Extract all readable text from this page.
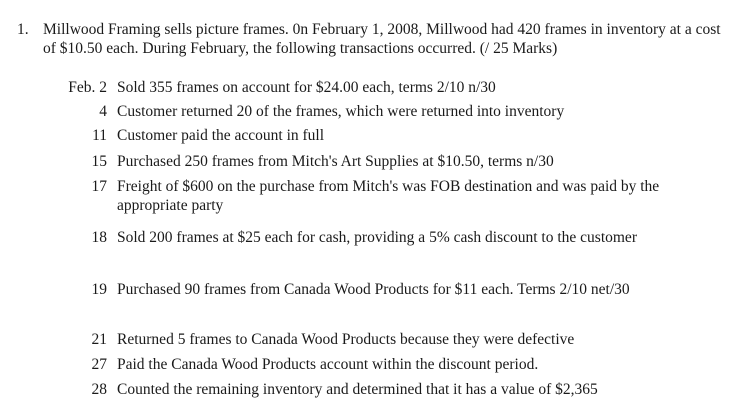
1. Millwood Framing sells picture frames. 0n February 1, 2008, Millwood had 420 frames in inventory at a cost of $10.50 each. During February, the following transactions occurred. (/ 25 Marks)

Feb. 2 Sold 355 frames on account for $24.00 each, terms 2/10 n/30

4 Customer returned 20 of the frames, which were returned into inventory

11 Customer paid the account in full

15 Purchased 250 frames from Mitch's Art Supplies at $10.50, terms n/30

17 Freight of $600 on the purchase from Mitch's was FOB destination and was paid by the appropriate party

18 Sold 200 frames at $25 each for cash, providing a 5% cash discount to the customer

19 Purchased 90 frames from Canada Wood Products for $11 each. Terms 2/10 net/30

21 Returned 5 frames to Canada Wood Products because they were defective

27 Paid the Canada Wood Products account within the discount period.

28 Counted the remaining inventory and determined that it has a value of $2,365
